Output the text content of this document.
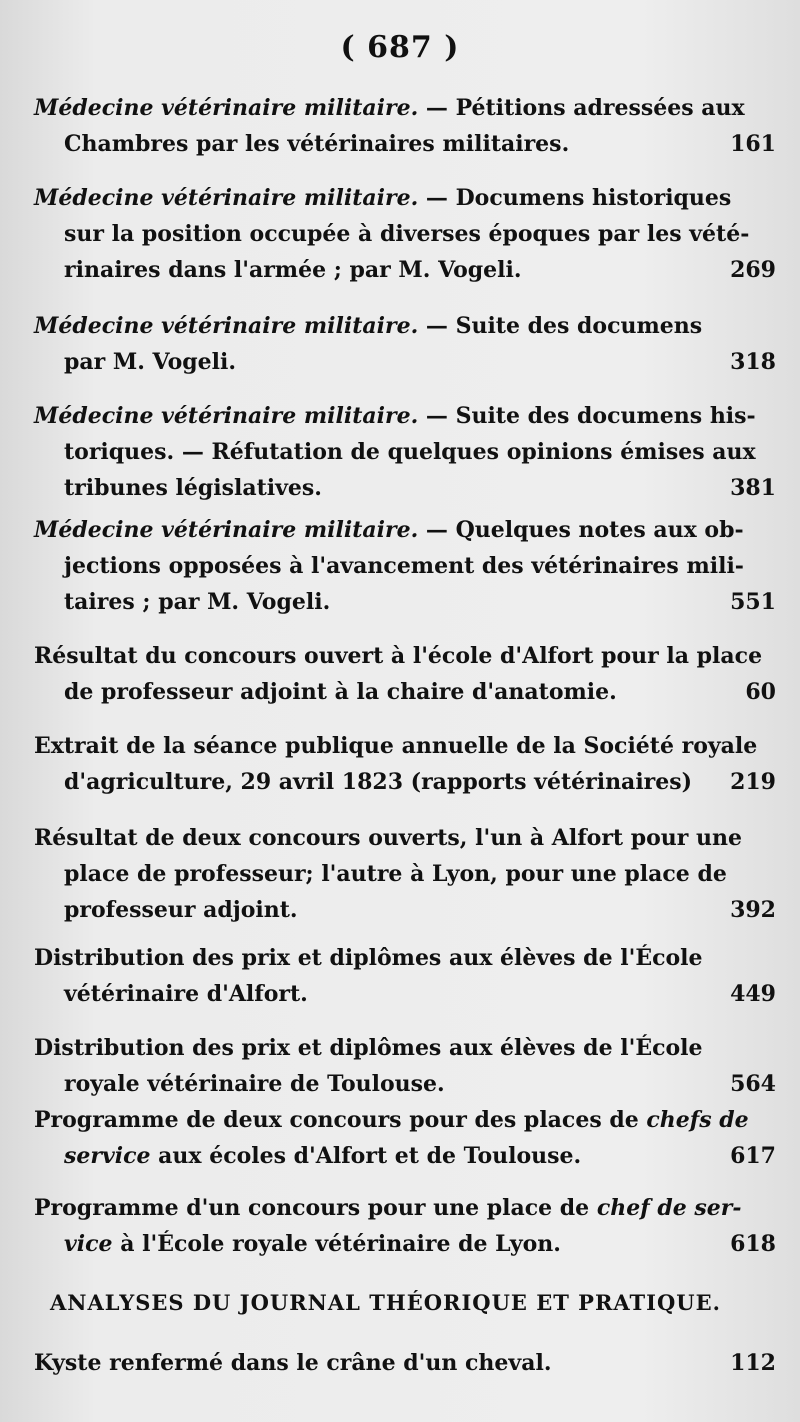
( 687 )
Médecine vétérinaire militaire. — Pétitions adressées aux
Chambres par les vétérinaires militaires.	161
Médecine vétérinaire militaire. — Documens historiques
sur la position occupée à diverses époques par les vété-
rinaires dans l'armée ; par M. Vogeli.	269
Médecine vétérinaire militaire. — Suite des documens
par M. Vogeli.	318
Médecine vétérinaire militaire. — Suite des documens his-
toriques. — Réfutation de quelques opinions émises aux
tribunes législatives.	381
Médecine vétérinaire militaire. — Quelques notes aux ob-
jections opposées à l'avancement des vétérinaires mili-
taires ; par M. Vogeli.	551
Résultat du concours ouvert à l'école d'Alfort pour la place
de professeur adjoint à la chaire d'anatomie.	60
Extrait de la séance publique annuelle de la Société royale
d'agriculture, 29 avril 1823 (rapports vétérinaires) 219
Résultat de deux concours ouverts, l'un à Alfort pour une
place de professeur; l'autre à Lyon, pour une place de
professeur adjoint.	392
Distribution des prix et diplômes aux élèves de l'École
vétérinaire d'Alfort.	449
Distribution des prix et diplômes aux élèves de l'École
royale vétérinaire de Toulouse.	564
Programme de deux concours pour des places de chefs de
service aux écoles d'Alfort et de Toulouse.	617
Programme d'un concours pour une place de chef de ser-
vice à l'École royale vétérinaire de Lyon.	618
ANALYSES DU JOURNAL THÉORIQUE ET PRATIQUE.
Kyste renfermé dans le crâne d'un cheval.	112
